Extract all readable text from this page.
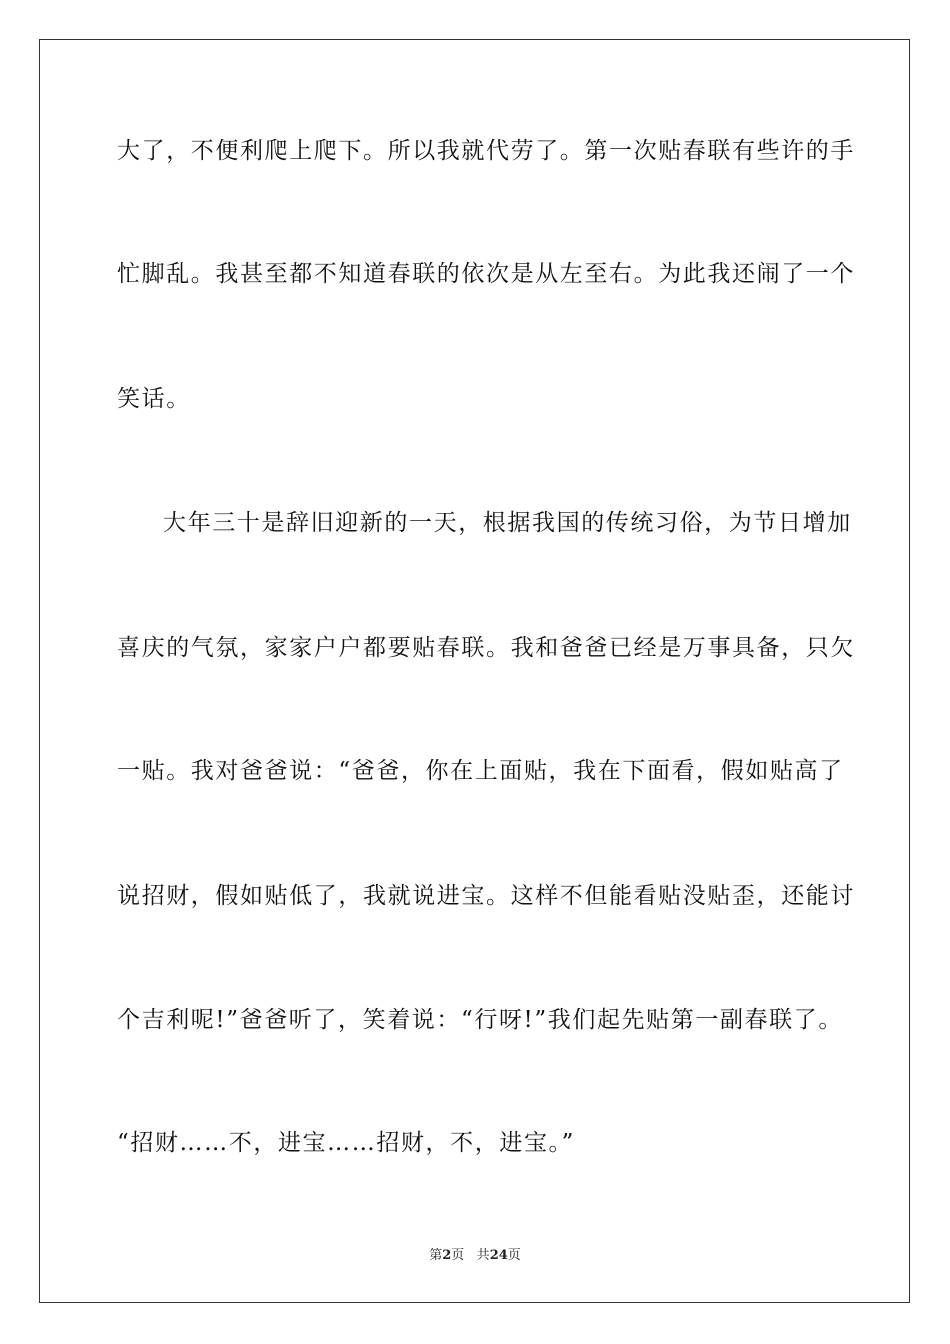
大了，不便利爬上爬下。所以我就代劳了。第一次贴春联有些许的手
忙脚乱。我甚至都不知道春联的依次是从左至右。为此我还闹了一个
笑话。
大年三十是辞旧迎新的一天，根据我国的传统习俗，为节日增加
喜庆的气氛，家家户户都要贴春联。我和爸爸已经是万事具备，只欠
一贴。我对爸爸说：“爸爸，你在上面贴，我在下面看，假如贴高了
说招财，假如贴低了，我就说进宝。这样不但能看贴没贴歪，还能讨
个吉利呢!”爸爸听了，笑着说：“行呀!”我们起先贴第一副春联了。
“招财……不，进宝……招财，不，进宝。”
第2页 共24页
